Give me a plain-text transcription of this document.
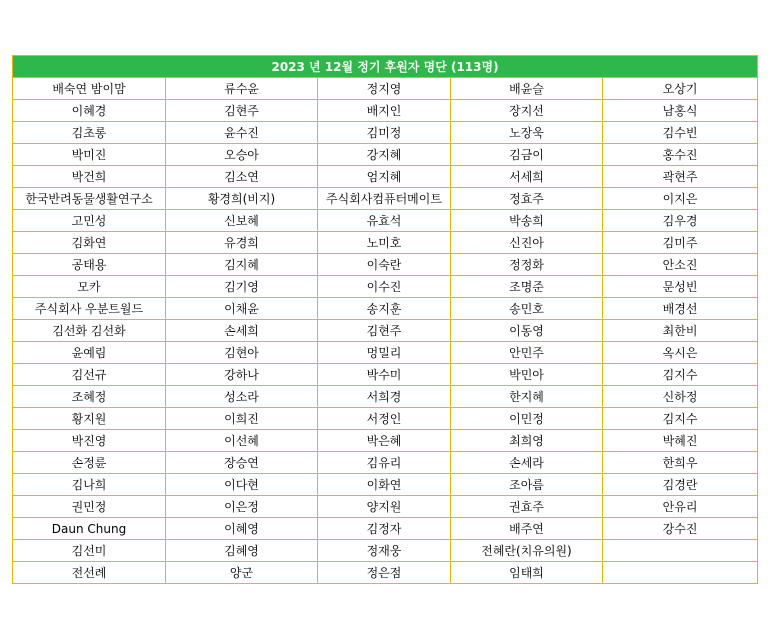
2023 년 12월 정기 후원자 명단 (113명)				
배숙연 밤이맘	류수윤	정지영	배윤슬	오상기
이혜경	김현주	배지인	장지선	남홍식
김초롱	윤수진	김미정	노장욱	김수빈
박미진	오승아	강지혜	김금이	홍수진
박건희	김소연	엄지혜	서세희	곽현주
한국반려동물생활연구소	황경희(비지)	주식회사컴퓨터메이트	정효주	이지은
고민성	신보혜	유효석	박송희	김우경
김화연	유경희	노미호	신진아	김미주
공태용	김지혜	이숙란	정정화	안소진
모카	김기영	이수진	조명준	문성빈
주식회사 우분트월드	이채윤	송지훈	송민호	배경선
김선화 김선화	손세희	김현주	이동영	최한비
윤예림	김현아	멍밀리	안민주	옥시은
김선규	강하나	박수미	박민아	김지수
조혜정	성소라	서희경	한지혜	신하정
황지원	이희진	서정인	이민정	김지수
박진영	이선혜	박은혜	최희영	박혜진
손정륜	장승연	김유리	손세라	한희우
김나희	이다현	이화연	조아름	김경란
권민정	이은정	양지원	권효주	안유리
Daun Chung	이혜영	김정자	배주연	강수진
김선미	김혜영	정재웅	전혜란(치유의원)	
전선례	양군	정은점	임태희	
